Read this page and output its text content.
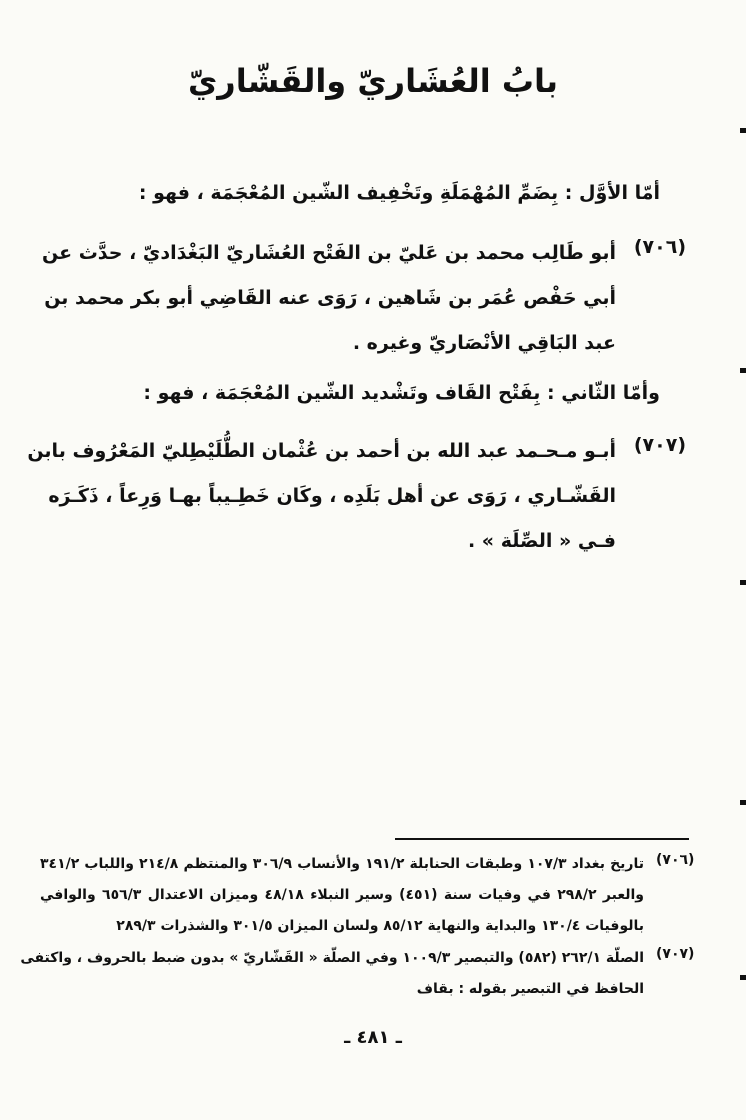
بابُ العُشَاريّ والقَشّاريّ
أمّا الأوَّل : بِضَمِّ المُهْمَلَةِ وتَخْفِيف الشّين المُعْجَمَة ، فهو :
(٧٠٦)
أبو طَالِب محمد بن عَليّ بن الفَتْح العُشَاريّ البَغْدَاديّ ، حدَّث عن
أبي حَفْص عُمَر بن شَاهين ، رَوَى عنه القَاضِي أبو بكر محمد بن
عبد البَاقِي الأنْصَاريّ وغيره .
وأمّا الثّاني : بِفَتْح القَاف وتَشْديد الشّين المُعْجَمَة ، فهو :
(٧٠٧)
أبـو مـحـمد عبد الله بن أحمد بن عُثْمان الطُّلَيْطِليّ المَعْرُوف بابن
القَشّـاري ، رَوَى عن أهل بَلَدِه ، وكَان خَطِـيباً بهـا وَرِعاً ، ذَكَـرَه
فـي « الصِّلَة » .
(٧٠٦)
تاريخ بغداد ١٠٧/٣ وطبقات الحنابلة ١٩١/٢ والأنساب ٣٠٦/٩ والمنتظم ٢١٤/٨ واللباب ٣٤١/٢
والعبر ٢٩٨/٢ في وفيات سنة (٤٥١) وسير النبلاء ٤٨/١٨ وميزان الاعتدال ٦٥٦/٣ والوافي
بالوفيات ١٣٠/٤ والبداية والنهاية ٨٥/١٢ ولسان الميزان ٣٠١/٥ والشذرات ٢٨٩/٣
(٧٠٧)
الصلّة ٢٦٢/١ (٥٨٢) والتبصير ١٠٠٩/٣ وفي الصلّة « القَشّاريّ » بدون ضبط بالحروف ، واكتفى
الحافظ في التبصير بقوله : بقاف
ـ ٤٨١ ـ
